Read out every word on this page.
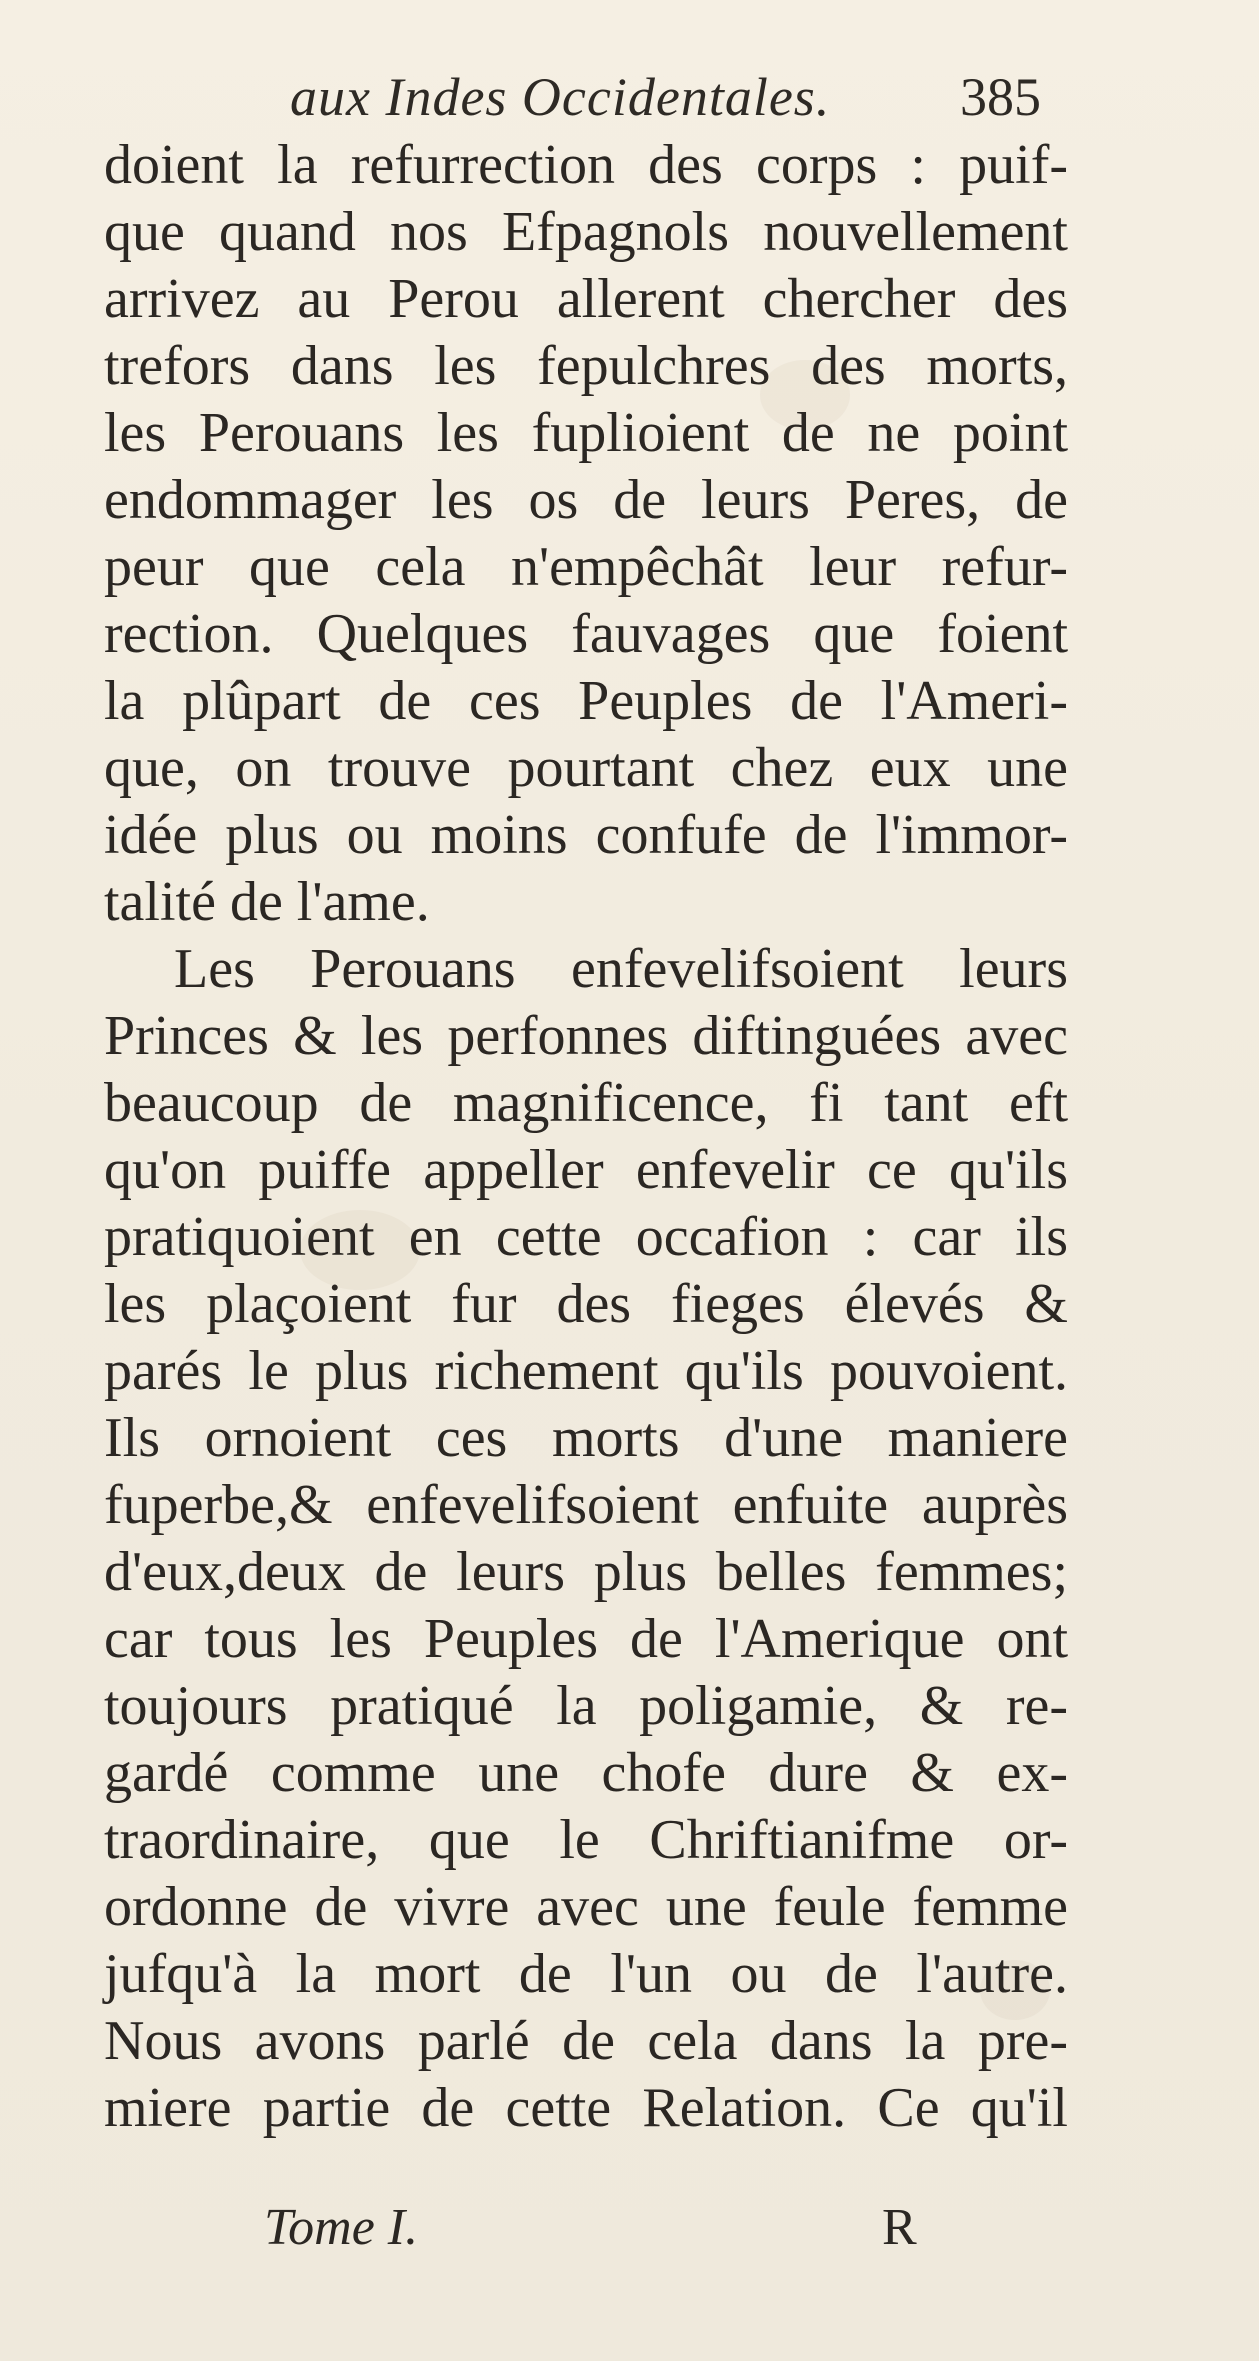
aux Indes Occidentales. 385
doient la refurrection des corps : puif-
que quand nos Efpagnols nouvellement
arrivez au Perou allerent chercher des
trefors dans les fepulchres des morts,
les Perouans les fuplioient de ne point
endommager les os de leurs Peres, de
peur que cela n'empêchât leur refur-
rection. Quelques fauvages que foient
la plûpart de ces Peuples de l'Ameri-
que, on trouve pourtant chez eux une
idée plus ou moins confufe de l'immor-
talité de l'ame.
Les Perouans enfevelifsoient leurs
Princes & les perfonnes diftinguées avec
beaucoup de magnificence, fi tant eft
qu'on puiffe appeller enfevelir ce qu'ils
pratiquoient en cette occafion : car ils
les plaçoient fur des fieges élevés &
parés le plus richement qu'ils pouvoient.
Ils ornoient ces morts d'une maniere
fuperbe,& enfevelifsoient enfuite auprès
d'eux,deux de leurs plus belles femmes;
car tous les Peuples de l'Amerique ont
toujours pratiqué la poligamie, & re-
gardé comme une chofe dure & ex-
traordinaire, que le Chriftianifme or-
ordonne de vivre avec une feule femme
jufqu'à la mort de l'un ou de l'autre.
Nous avons parlé de cela dans la pre-
miere partie de cette Relation. Ce qu'il
Tome I.	R
